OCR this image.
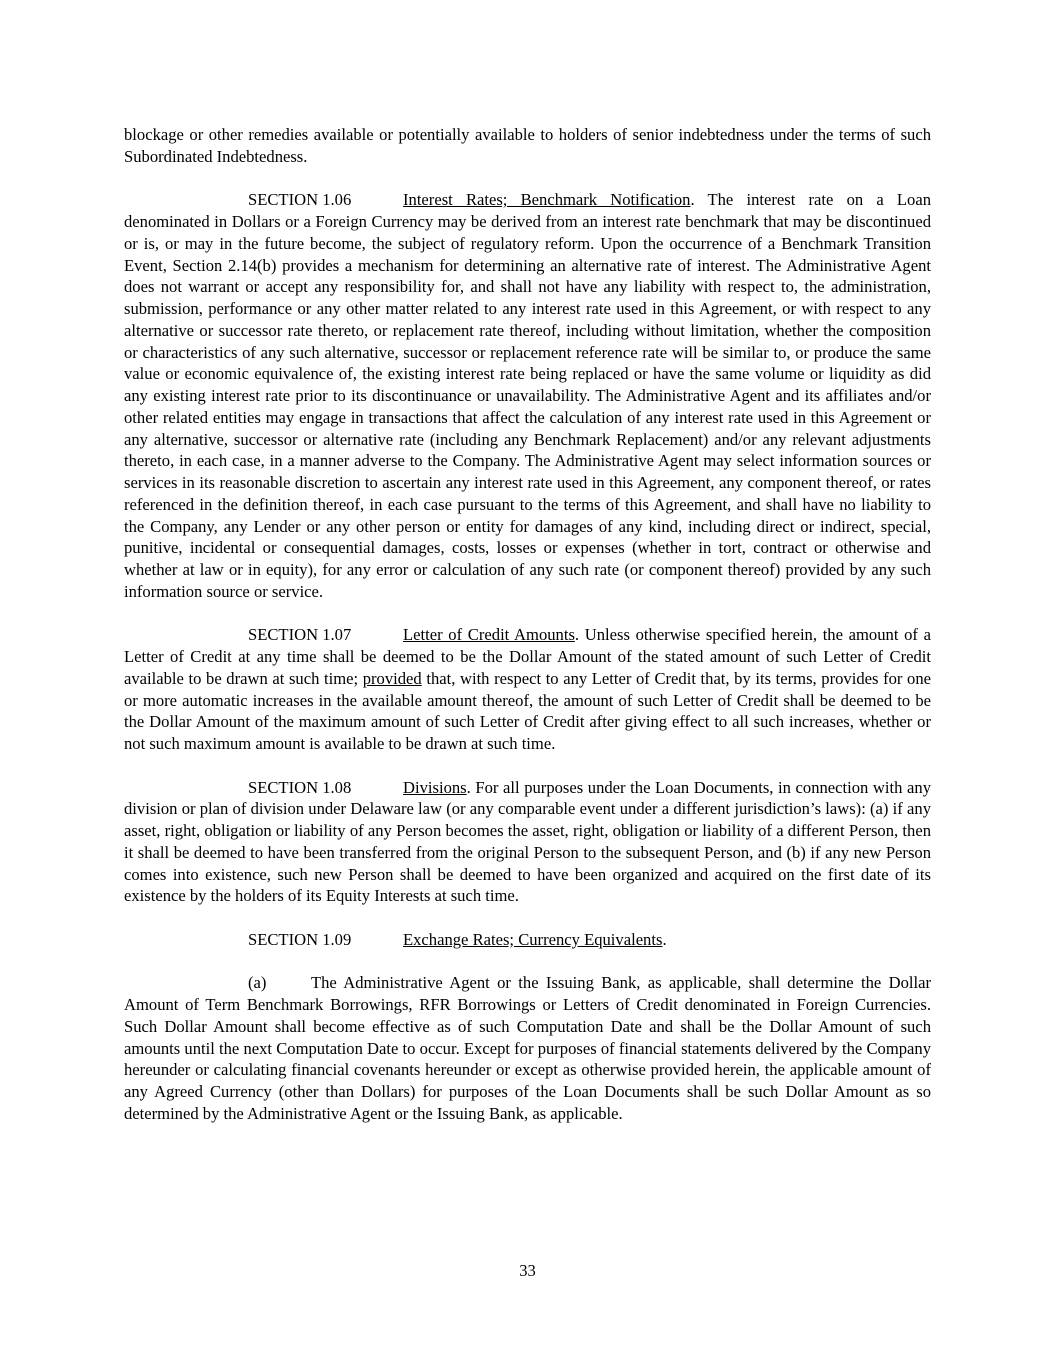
blockage or other remedies available or potentially available to holders of senior indebtedness under the terms of such Subordinated Indebtedness.

SECTION 1.06	Interest Rates; Benchmark Notification. The interest rate on a Loan denominated in Dollars or a Foreign Currency may be derived from an interest rate benchmark that may be discontinued or is, or may in the future become, the subject of regulatory reform. Upon the occurrence of a Benchmark Transition Event, Section 2.14(b) provides a mechanism for determining an alternative rate of interest. The Administrative Agent does not warrant or accept any responsibility for, and shall not have any liability with respect to, the administration, submission, performance or any other matter related to any interest rate used in this Agreement, or with respect to any alternative or successor rate thereto, or replacement rate thereof, including without limitation, whether the composition or characteristics of any such alternative, successor or replacement reference rate will be similar to, or produce the same value or economic equivalence of, the existing interest rate being replaced or have the same volume or liquidity as did any existing interest rate prior to its discontinuance or unavailability. The Administrative Agent and its affiliates and/or other related entities may engage in transactions that affect the calculation of any interest rate used in this Agreement or any alternative, successor or alternative rate (including any Benchmark Replacement) and/or any relevant adjustments thereto, in each case, in a manner adverse to the Company. The Administrative Agent may select information sources or services in its reasonable discretion to ascertain any interest rate used in this Agreement, any component thereof, or rates referenced in the definition thereof, in each case pursuant to the terms of this Agreement, and shall have no liability to the Company, any Lender or any other person or entity for damages of any kind, including direct or indirect, special, punitive, incidental or consequential damages, costs, losses or expenses (whether in tort, contract or otherwise and whether at law or in equity), for any error or calculation of any such rate (or component thereof) provided by any such information source or service.

SECTION 1.07	Letter of Credit Amounts. Unless otherwise specified herein, the amount of a Letter of Credit at any time shall be deemed to be the Dollar Amount of the stated amount of such Letter of Credit available to be drawn at such time; provided that, with respect to any Letter of Credit that, by its terms, provides for one or more automatic increases in the available amount thereof, the amount of such Letter of Credit shall be deemed to be the Dollar Amount of the maximum amount of such Letter of Credit after giving effect to all such increases, whether or not such maximum amount is available to be drawn at such time.

SECTION 1.08	Divisions. For all purposes under the Loan Documents, in connection with any division or plan of division under Delaware law (or any comparable event under a different jurisdiction’s laws): (a) if any asset, right, obligation or liability of any Person becomes the asset, right, obligation or liability of a different Person, then it shall be deemed to have been transferred from the original Person to the subsequent Person, and (b) if any new Person comes into existence, such new Person shall be deemed to have been organized and acquired on the first date of its existence by the holders of its Equity Interests at such time.

SECTION 1.09	Exchange Rates; Currency Equivalents.

(a)	The Administrative Agent or the Issuing Bank, as applicable, shall determine the Dollar Amount of Term Benchmark Borrowings, RFR Borrowings or Letters of Credit denominated in Foreign Currencies. Such Dollar Amount shall become effective as of such Computation Date and shall be the Dollar Amount of such amounts until the next Computation Date to occur. Except for purposes of financial statements delivered by the Company hereunder or calculating financial covenants hereunder or except as otherwise provided herein, the applicable amount of any Agreed Currency (other than Dollars) for purposes of the Loan Documents shall be such Dollar Amount as so determined by the Administrative Agent or the Issuing Bank, as applicable.

33
